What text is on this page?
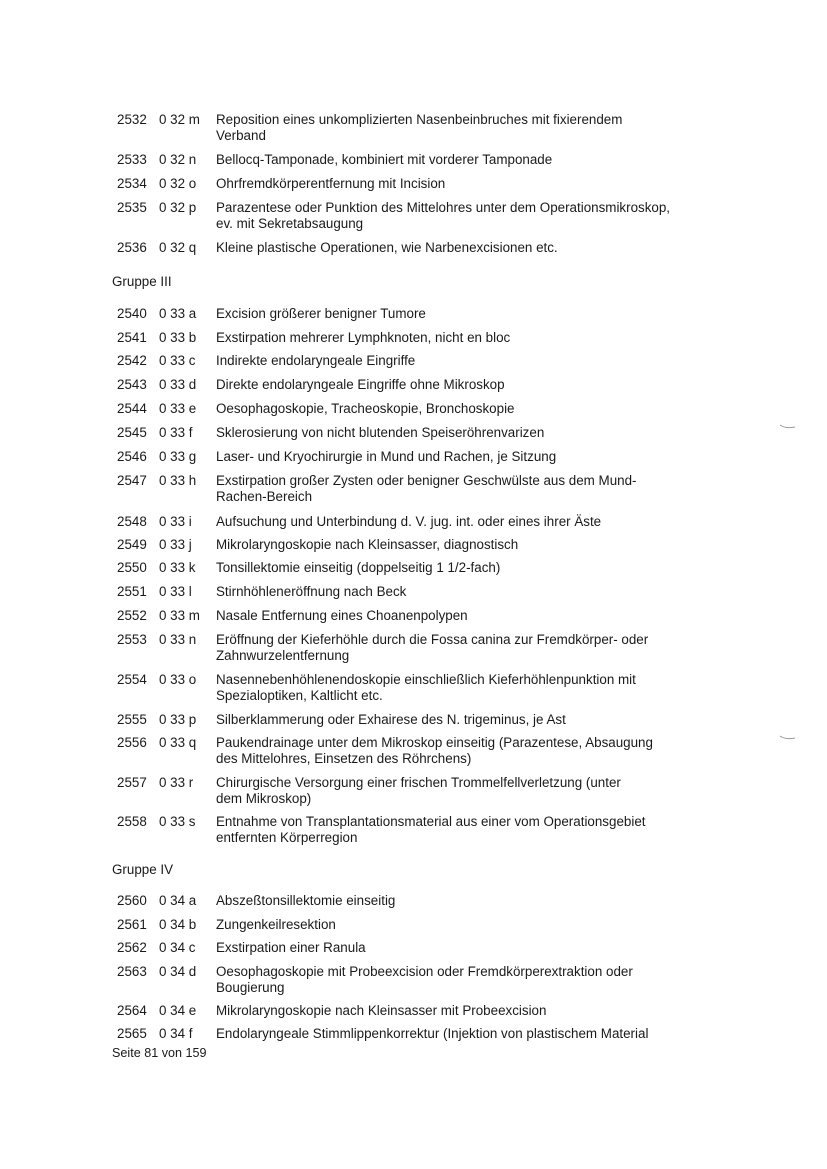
2532 0 32 m Reposition eines unkomplizierten Nasenbeinbruches mit fixierendem
Verband
2533 0 32 n Bellocq-Tamponade, kombiniert mit vorderer Tamponade
2534 0 32 o Ohrfremdkörperentfernung mit Incision
2535 0 32 p Parazentese oder Punktion des Mittelohres unter dem Operationsmikroskop,
ev. mit Sekretabsaugung
2536 0 32 q Kleine plastische Operationen, wie Narbenexcisionen etc.
Gruppe III
2540 0 33 a Excision größerer benigner Tumore
2541 0 33 b Exstirpation mehrerer Lymphknoten, nicht en bloc
2542 0 33 c Indirekte endolaryngeale Eingriffe
2543 0 33 d Direkte endolaryngeale Eingriffe ohne Mikroskop
2544 0 33 e Oesophagoskopie, Tracheoskopie, Bronchoskopie
2545 0 33 f Sklerosierung von nicht blutenden Speiseröhrenvarizen
2546 0 33 g Laser- und Kryochirurgie in Mund und Rachen, je Sitzung
2547 0 33 h Exstirpation großer Zysten oder benigner Geschwülste aus dem Mund-
Rachen-Bereich
2548 0 33 i Aufsuchung und Unterbindung d. V. jug. int. oder eines ihrer Äste
2549 0 33 j Mikrolaryngoskopie nach Kleinsasser, diagnostisch
2550 0 33 k Tonsillektomie einseitig (doppelseitig 1 1/2-fach)
2551 0 33 l Stirnhöhleneröffnung nach Beck
2552 0 33 m Nasale Entfernung eines Choanenpolypen
2553 0 33 n Eröffnung der Kieferhöhle durch die Fossa canina zur Fremdkörper- oder
Zahnwurzelentfernung
2554 0 33 o Nasennebenhöhlenendoskopie einschließlich Kieferhöhlenpunktion mit
Spezialoptiken, Kaltlicht etc.
2555 0 33 p Silberklammerung oder Exhairese des N. trigeminus, je Ast
2556 0 33 q Paukendrainage unter dem Mikroskop einseitig (Parazentese, Absaugung
des Mittelohres, Einsetzen des Röhrchens)
2557 0 33 r Chirurgische Versorgung einer frischen Trommelfellverletzung (unter
dem Mikroskop)
2558 0 33 s Entnahme von Transplantationsmaterial aus einer vom Operationsgebiet
entfernten Körperregion
Gruppe IV
2560 0 34 a Abszeßtonsillektomie einseitig
2561 0 34 b Zungenkeilresektion
2562 0 34 c Exstirpation einer Ranula
2563 0 34 d Oesophagoskopie mit Probeexcision oder Fremdkörperextraktion oder
Bougierung
2564 0 34 e Mikrolaryngoskopie nach Kleinsasser mit Probeexcision
2565 0 34 f Endolaryngeale Stimmlippenkorrektur (Injektion von plastischem Material
Seite 81 von 159
